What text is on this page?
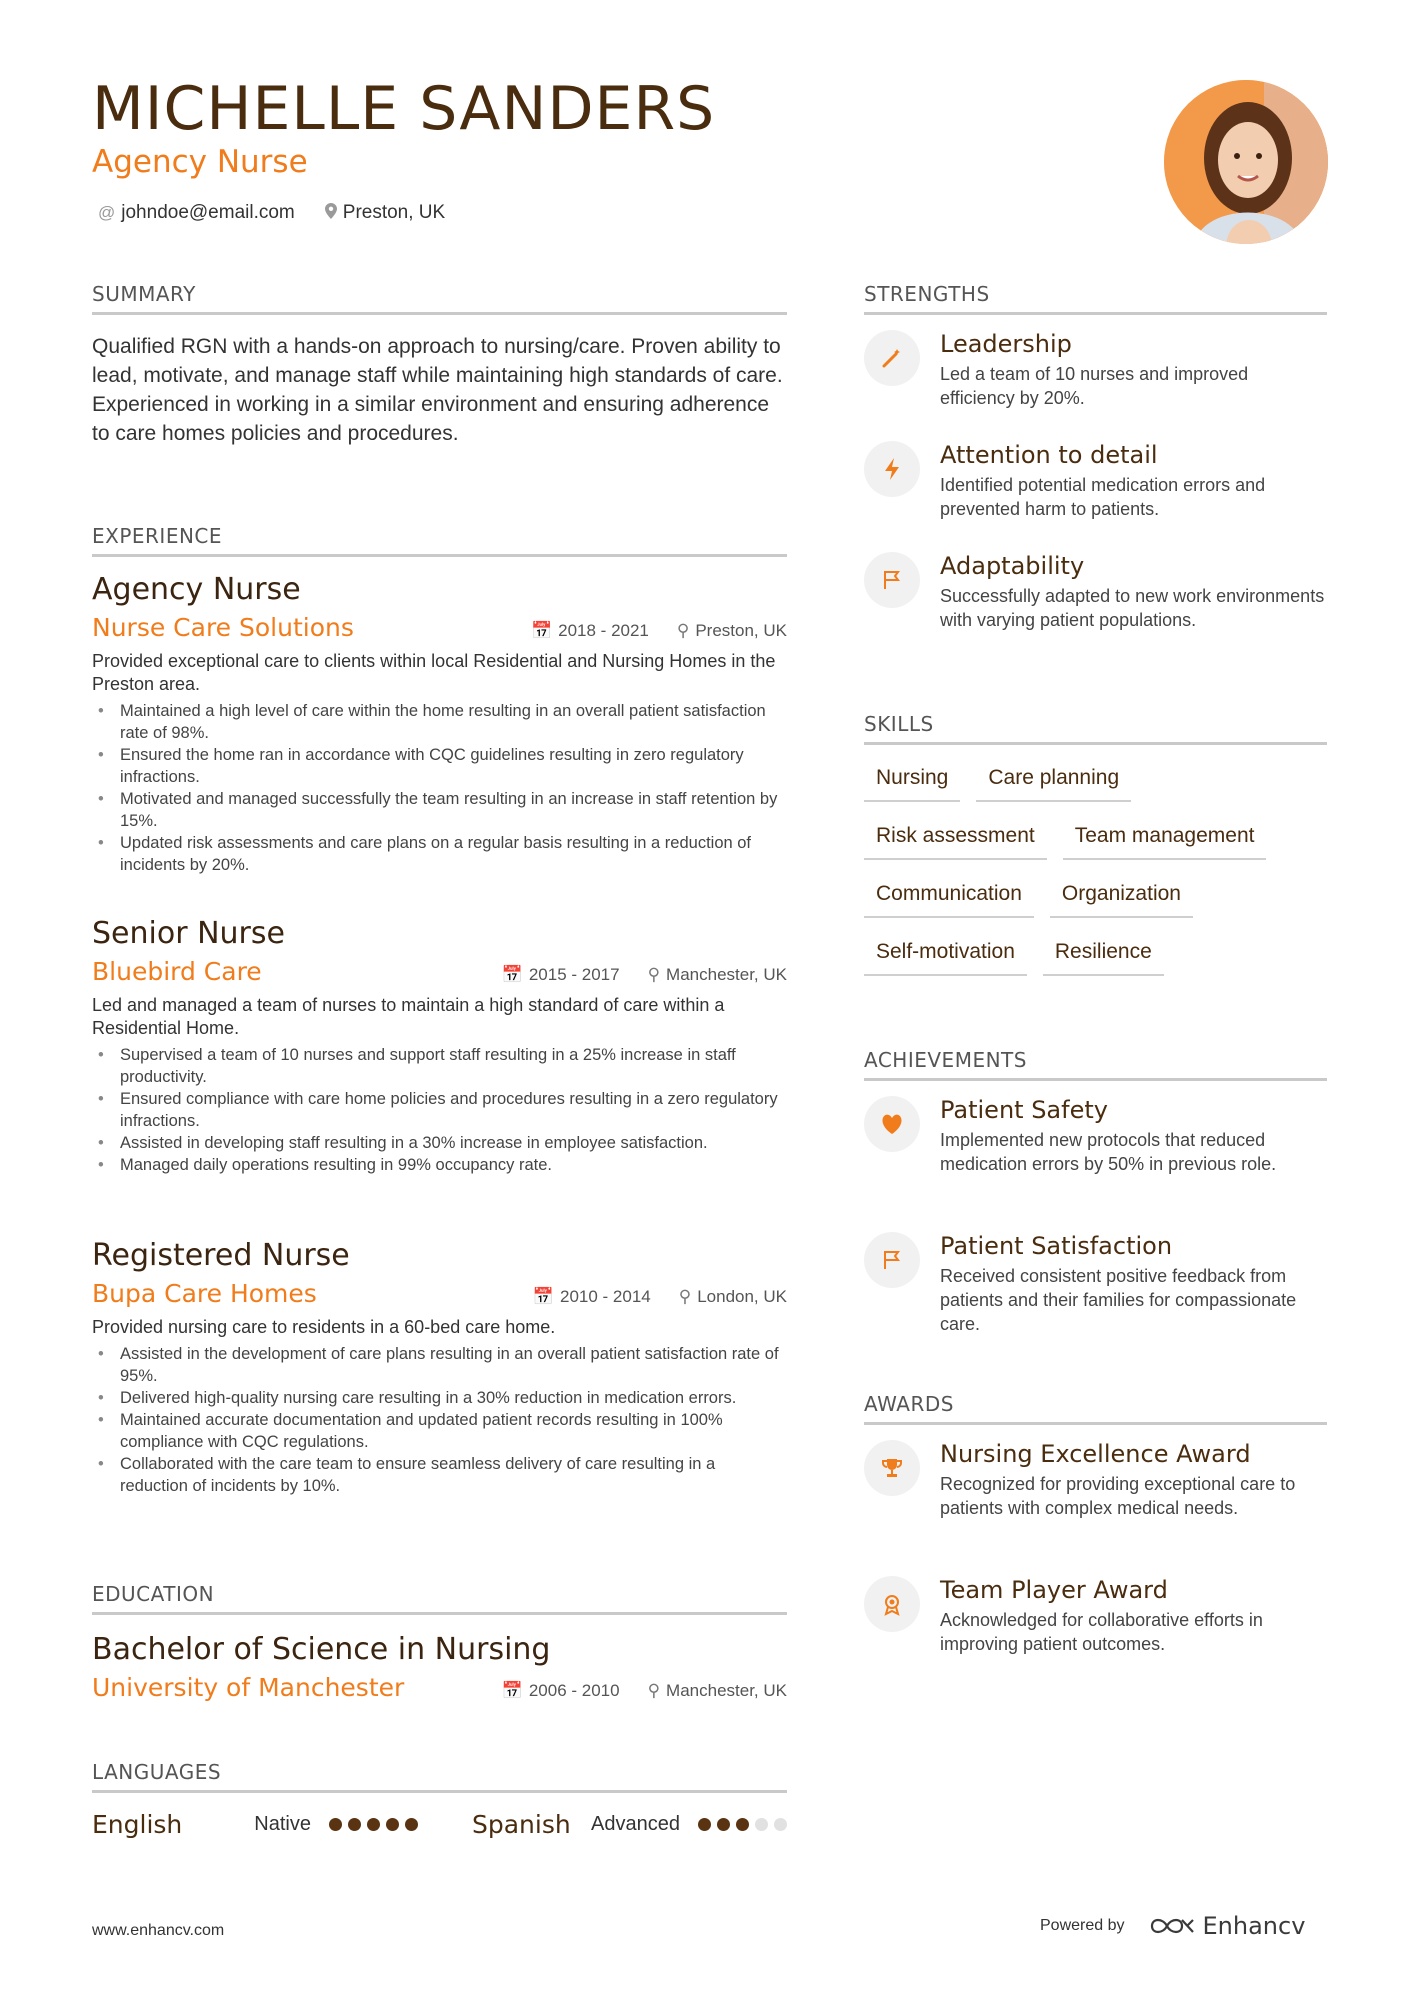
MICHELLE SANDERS
Agency Nurse
@ johndoe@email.com	Preston, UK
SUMMARY
Qualified RGN with a hands-on approach to nursing/care. Proven ability to lead, motivate, and manage staff while maintaining high standards of care. Experienced in working in a similar environment and ensuring adherence to care homes policies and procedures.
EXPERIENCE
Agency Nurse
Nurse Care Solutions	📅 2018 - 2021 ⚲ Preston, UK
Provided exceptional care to clients within local Residential and Nursing Homes in the Preston area.
• Maintained a high level of care within the home resulting in an overall patient satisfaction rate of 98%.
• Ensured the home ran in accordance with CQC guidelines resulting in zero regulatory infractions.
• Motivated and managed successfully the team resulting in an increase in staff retention by 15%.
• Updated risk assessments and care plans on a regular basis resulting in a reduction of incidents by 20%.
Senior Nurse
Bluebird Care	📅 2015 - 2017 ⚲ Manchester, UK
Led and managed a team of nurses to maintain a high standard of care within a Residential Home.
• Supervised a team of 10 nurses and support staff resulting in a 25% increase in staff productivity.
• Ensured compliance with care home policies and procedures resulting in a zero regulatory infractions.
• Assisted in developing staff resulting in a 30% increase in employee satisfaction.
• Managed daily operations resulting in 99% occupancy rate.
Registered Nurse
Bupa Care Homes	📅 2010 - 2014 ⚲ London, UK
Provided nursing care to residents in a 60-bed care home.
• Assisted in the development of care plans resulting in an overall patient satisfaction rate of 95%.
• Delivered high-quality nursing care resulting in a 30% reduction in medication errors.
• Maintained accurate documentation and updated patient records resulting in 100% compliance with CQC regulations.
• Collaborated with the care team to ensure seamless delivery of care resulting in a reduction of incidents by 10%.
EDUCATION
Bachelor of Science in Nursing
University of Manchester	📅 2006 - 2010 ⚲ Manchester, UK
LANGUAGES
English	Native	Spanish Advanced
STRENGTHS
Leadership
Led a team of 10 nurses and improved efficiency by 20%.
Attention to detail
Identified potential medication errors and prevented harm to patients.
Adaptability
Successfully adapted to new work environments with varying patient populations.
SKILLS
Nursing	Care planning
Risk assessment	Team management
Communication	Organization
Self-motivation	Resilience
ACHIEVEMENTS
Patient Safety
Implemented new protocols that reduced medication errors by 50% in previous role.
Patient Satisfaction
Received consistent positive feedback from patients and their families for compassionate care.
AWARDS
Nursing Excellence Award
Recognized for providing exceptional care to patients with complex medical needs.
Team Player Award
Acknowledged for collaborative efforts in improving patient outcomes.
www.enhancv.com	Powered by	Enhancv
